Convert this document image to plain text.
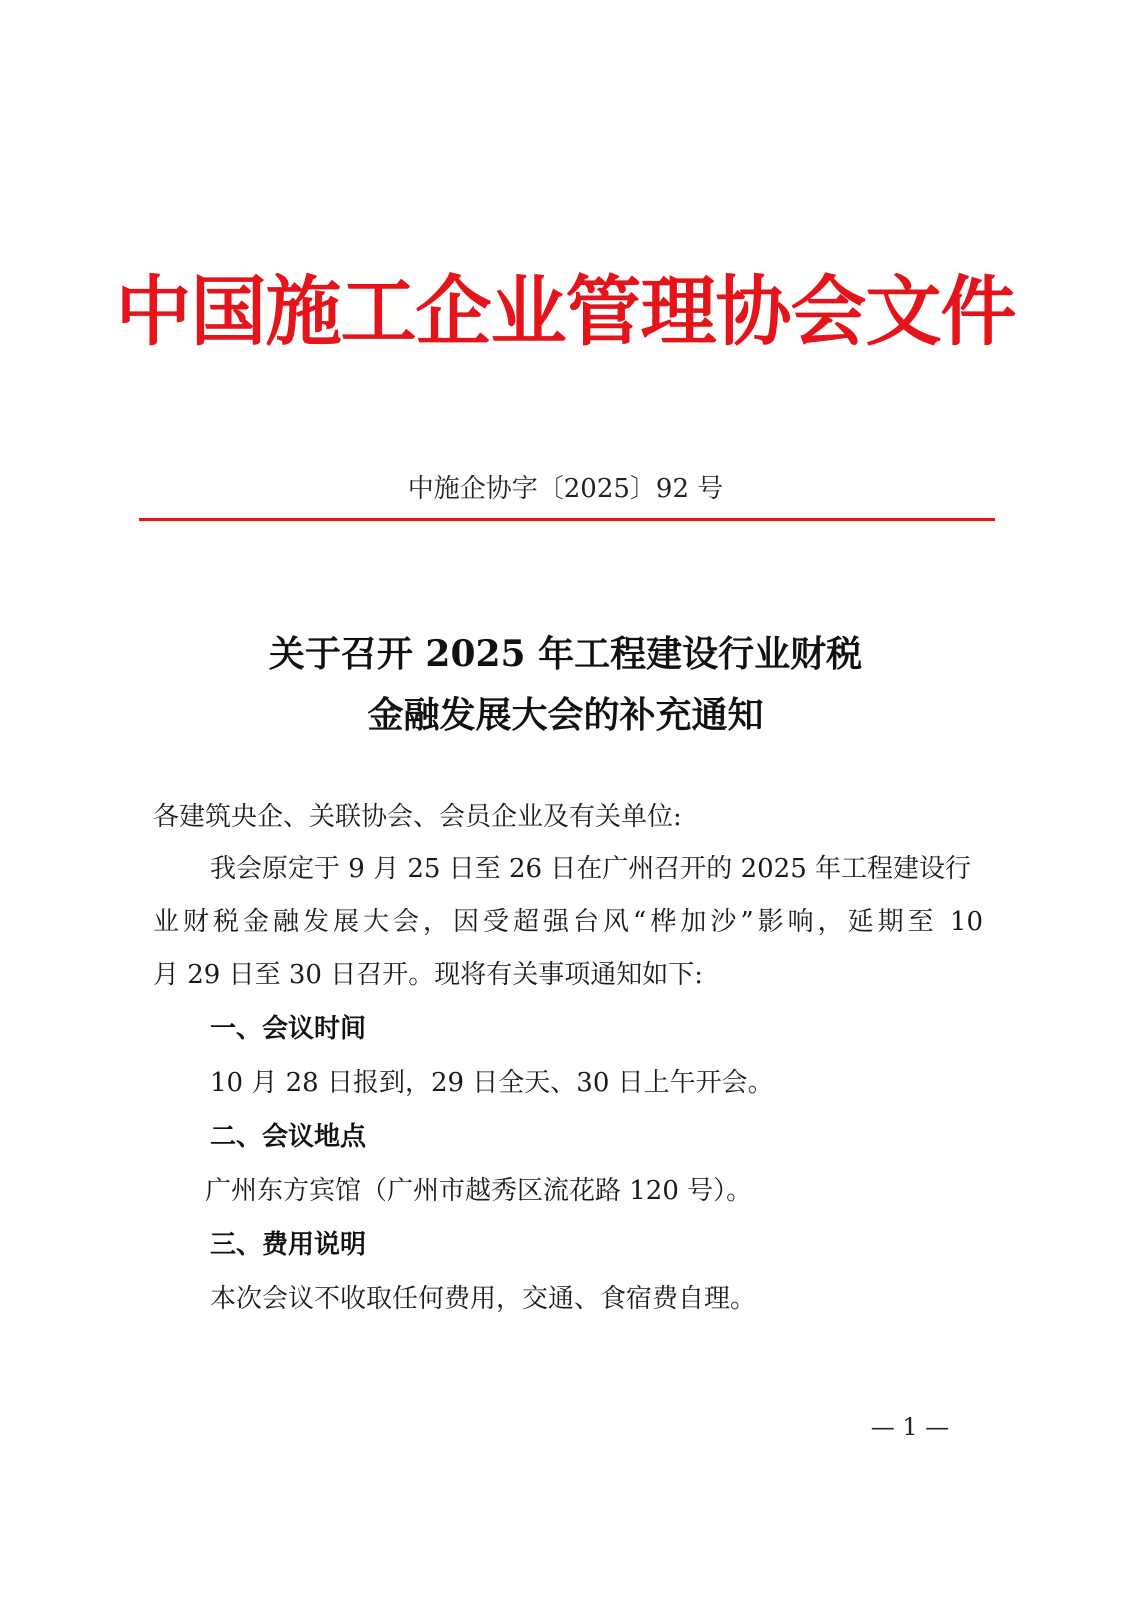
中国施工企业管理协会文件
中施企协字〔2025〕92 号
关于召开 2025 年工程建设行业财税
金融发展大会的补充通知
各建筑央企、关联协会、会员企业及有关单位:
我会原定于 9 月 25 日至 26 日在广州召开的 2025 年工程建设行
业财税金融发展大会，因受超强台风“桦加沙”影响，延期至 10
月 29 日至 30 日召开。现将有关事项通知如下:
一、会议时间
10 月 28 日报到，29 日全天、30 日上午开会。
二、会议地点
广州东方宾馆（广州市越秀区流花路 120 号）。
三、费用说明
本次会议不收取任何费用，交通、食宿费自理。
— 1 —
